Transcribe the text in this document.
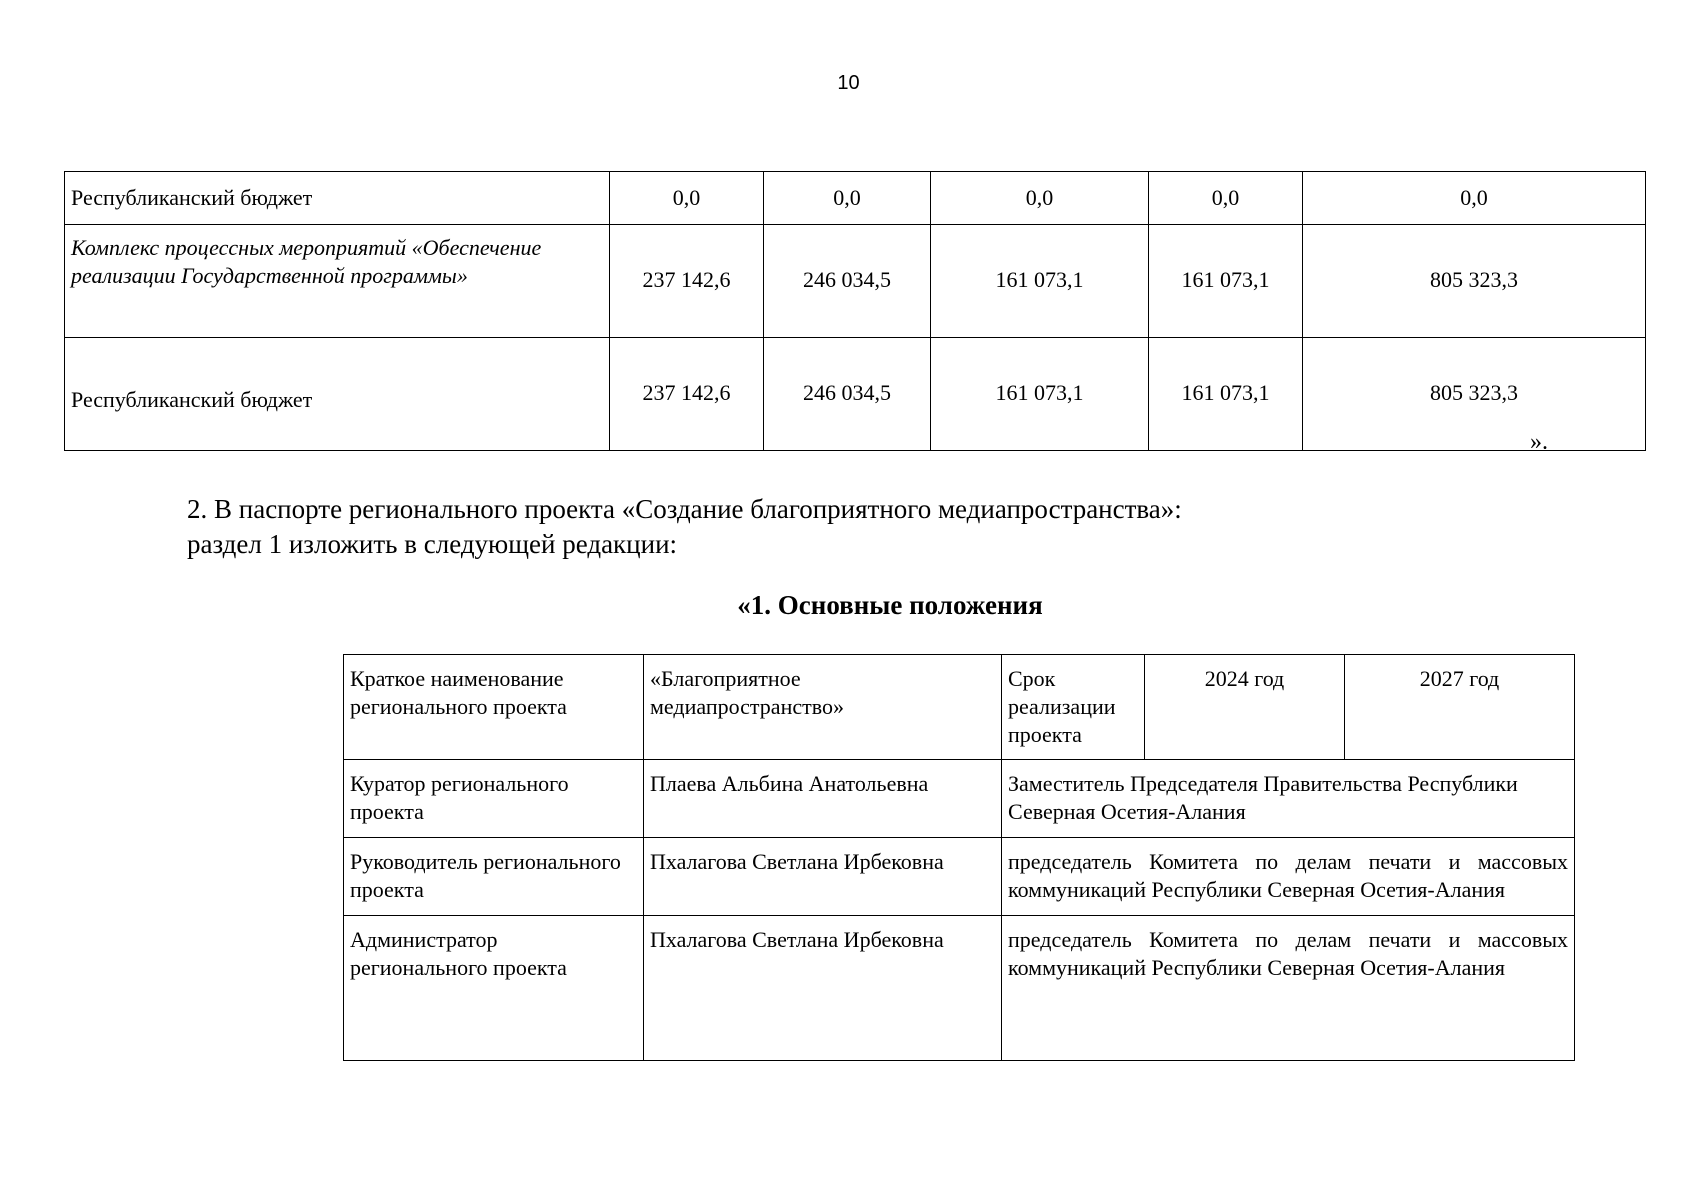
10
Республиканский бюджет	0,0	0,0	0,0	0,0	0,0
Комплекс процессных мероприятий «Обеспечение реализации Государственной программы»	237 142,6	246 034,5	161 073,1	161 073,1	805 323,3
Республиканский бюджет	237 142,6	246 034,5	161 073,1	161 073,1	805 323,3
».

2. В паспорте регионального проекта «Создание благоприятного медиапространства»:
раздел 1 изложить в следующей редакции:

«1. Основные положения
Краткое наименование регионального проекта	«Благоприятное медиапространство»	Срок реализации проекта	2024 год	2027 год
Куратор регионального проекта	Плаева Альбина Анатольевна	Заместитель Председателя Правительства Республики Северная Осетия-Алания		
Руководитель регионального проекта	Пхалагова Светлана Ирбековна	председатель Комитета по делам печати и массовых коммуникаций Республики Северная Осетия-Алания		
Администратор регионального проекта	Пхалагова Светлана Ирбековна	председатель Комитета по делам печати и массовых коммуникаций Республики Северная Осетия-Алания		
